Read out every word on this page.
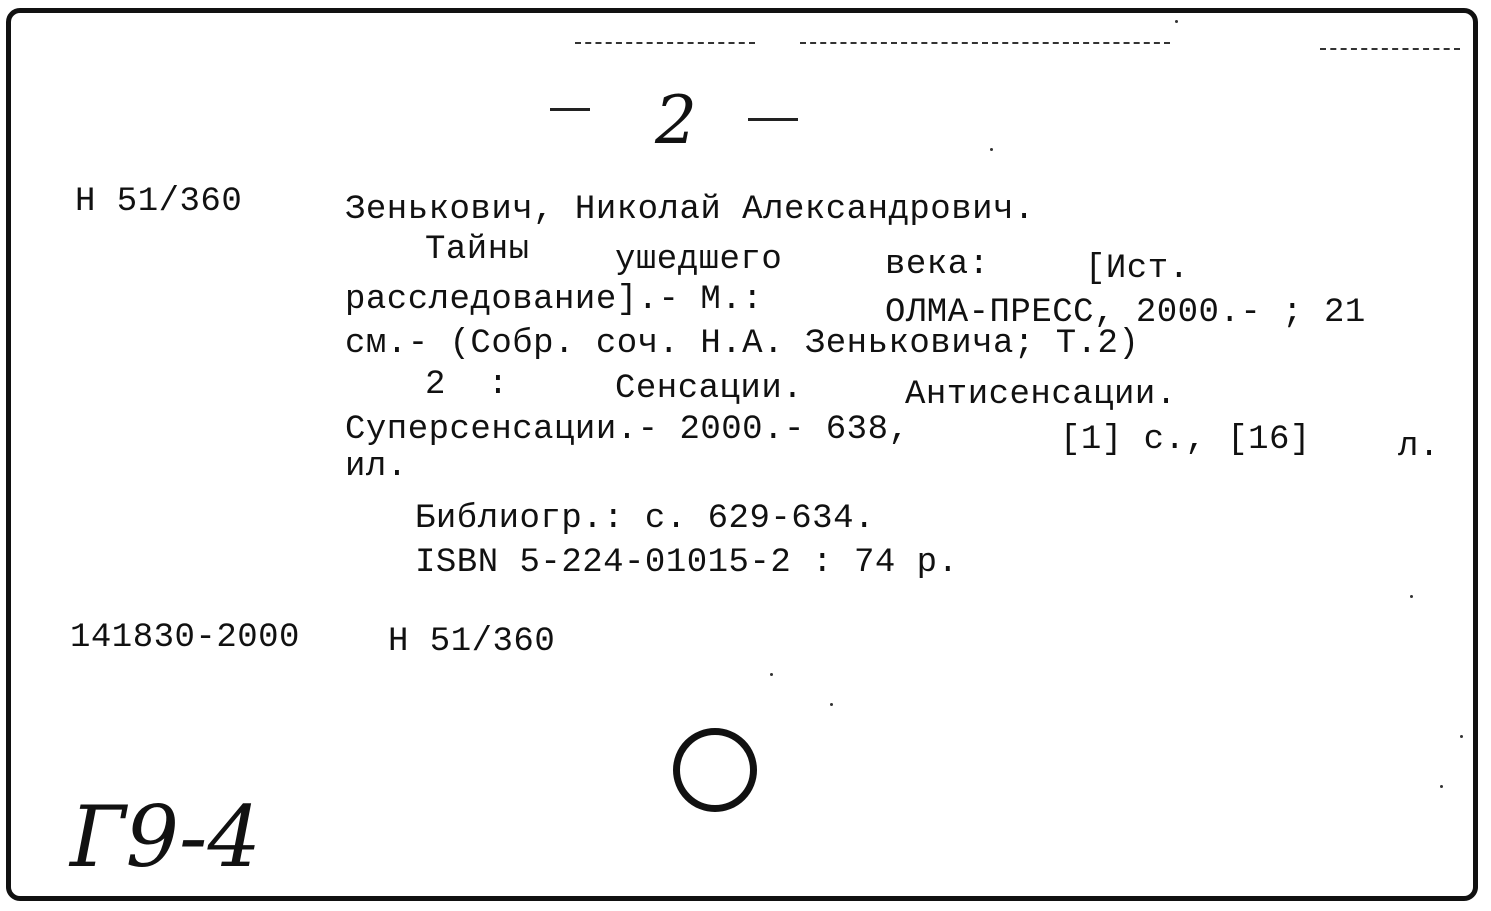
2
Н 51/360	Зенькович, Николай Александрович.
Тайны	ушедшего	века:	[Ист.
расследование].- М.:	ОЛМА-ПРЕСС, 2000.- ; 21
см.- (Собр. соч. Н.А. Зеньковича; Т.2)
2  :	Сенсации.	Антисенсации.
Суперсенсации.- 2000.- 638,	[1] с., [16]	л.
ил.
Библиогр.: с. 629-634.
ISBN 5-224-01015-2 : 74 р.
141830-2000	Н 51/360
Г9-4
